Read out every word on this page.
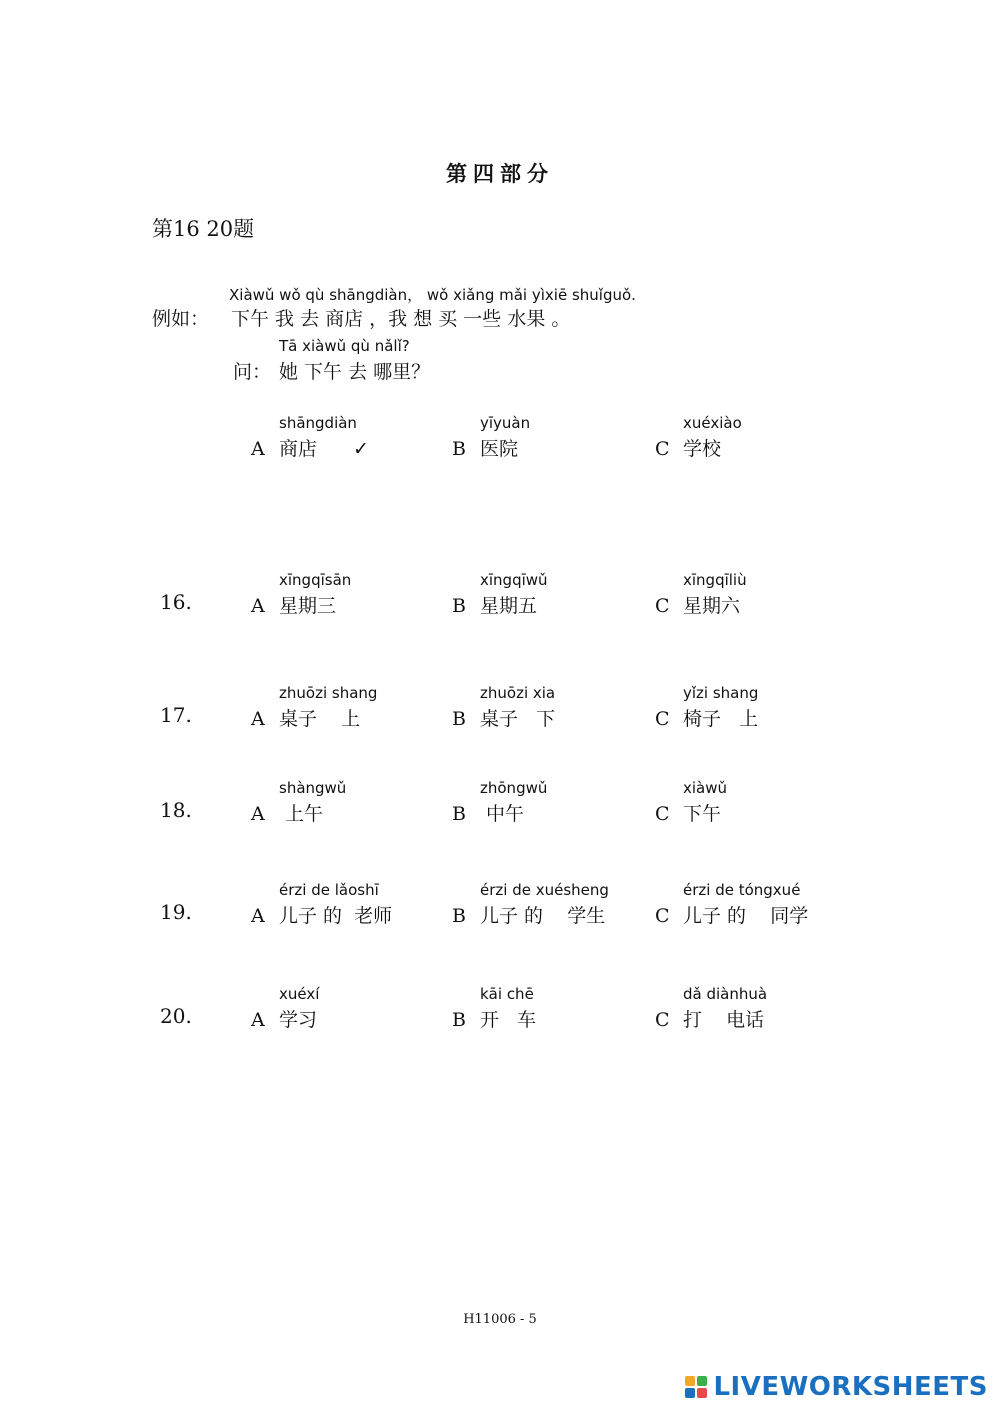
第四部分
第16 20题
Xiàwǔ wǒ qù shāngdiàn， wǒ xiǎng mǎi yìxiē shuǐguǒ.
例如： 下午 我 去 商店 ，我 想 买 一些 水果 。
Tā xiàwǔ qù nǎlǐ?
问： 她 下午 去 哪里？
shāngdiàn
A 商店 ✓
yīyuàn
B 医院
xuéxiào
C 学校
16.
xīngqīsān
A 星期三
xīngqīwǔ
B 星期五
xīngqīliù
C 星期六
17.
zhuōzi shang
A 桌子    上
zhuōzi xia
B 桌子   下
yǐzi shang
C 椅子   上
18.
shàngwǔ
A 上午
zhōngwǔ
B 中午
xiàwǔ
C 下午
19.
érzi de lǎoshī
A 儿子 的  老师
érzi de xuésheng
B 儿子 的    学生
érzi de tóngxué
C 儿子 的    同学
20.
xuéxí
A 学习
kāi chē
B 开   车
dǎ diànhuà
C 打    电话
H11006 - 5
LIVEWORKSHEETS
